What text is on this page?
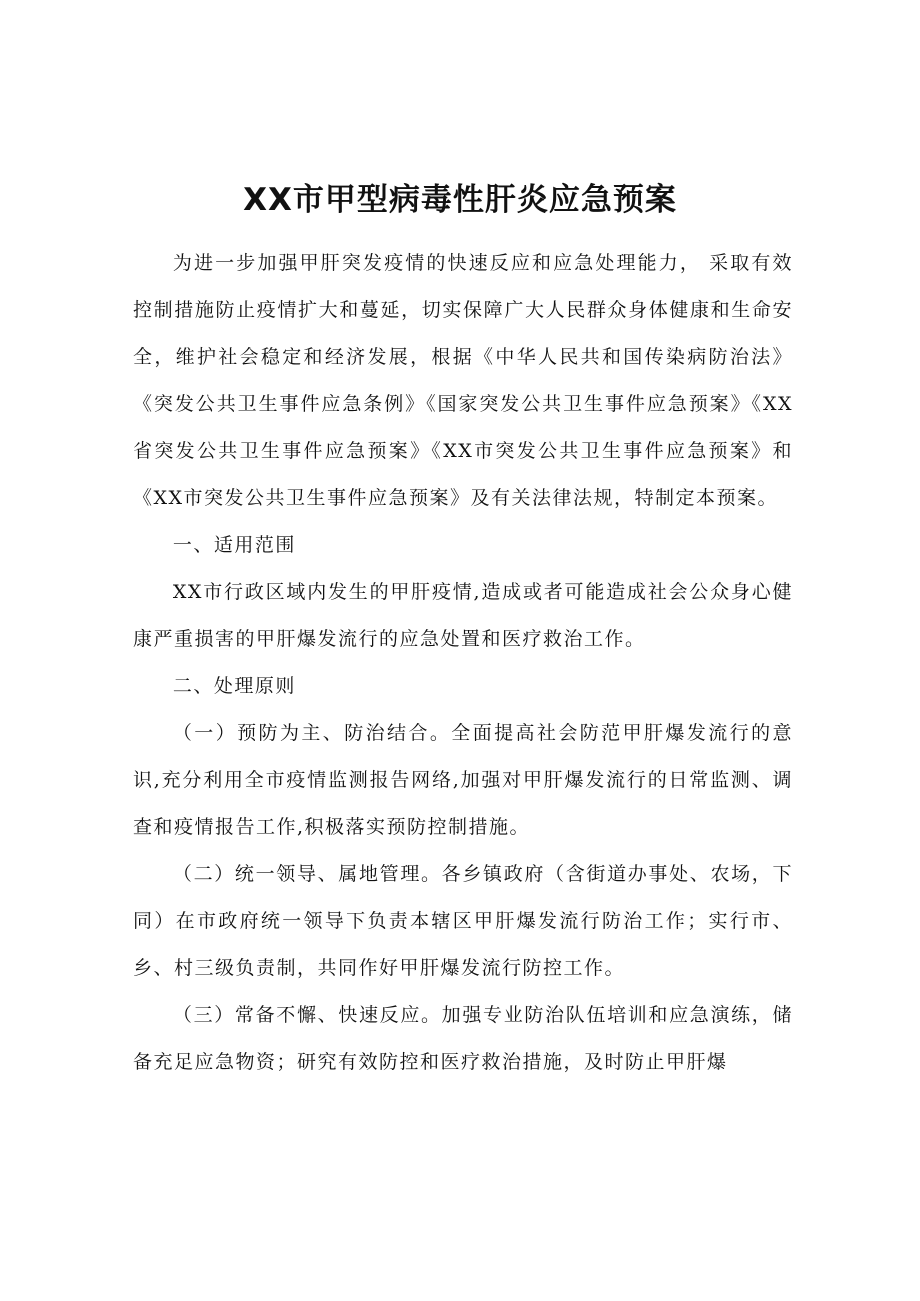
XX市甲型病毒性肝炎应急预案

为进一步加强甲肝突发疫情的快速反应和应急处理能力， 采取有效控制措施防止疫情扩大和蔓延，切实保障广大人民群众身体健康和生命安全，维护社会稳定和经济发展，根据《中华人民共和国传染病防治法》《突发公共卫生事件应急条例》《国家突发公共卫生事件应急预案》《XX省突发公共卫生事件应急预案》《XX市突发公共卫生事件应急预案》和《XX市突发公共卫生事件应急预案》及有关法律法规，特制定本预案。

一、适用范围

XX市行政区域内发生的甲肝疫情,造成或者可能造成社会公众身心健康严重损害的甲肝爆发流行的应急处置和医疗救治工作。

二、处理原则

（一）预防为主、防治结合。全面提高社会防范甲肝爆发流行的意识,充分利用全市疫情监测报告网络,加强对甲肝爆发流行的日常监测、调查和疫情报告工作,积极落实预防控制措施。

（二）统一领导、属地管理。各乡镇政府（含街道办事处、农场，下同）在市政府统一领导下负责本辖区甲肝爆发流行防治工作；实行市、乡、村三级负责制，共同作好甲肝爆发流行防控工作。

（三）常备不懈、快速反应。加强专业防治队伍培训和应急演练，储备充足应急物资；研究有效防控和医疗救治措施，及时防止甲肝爆
